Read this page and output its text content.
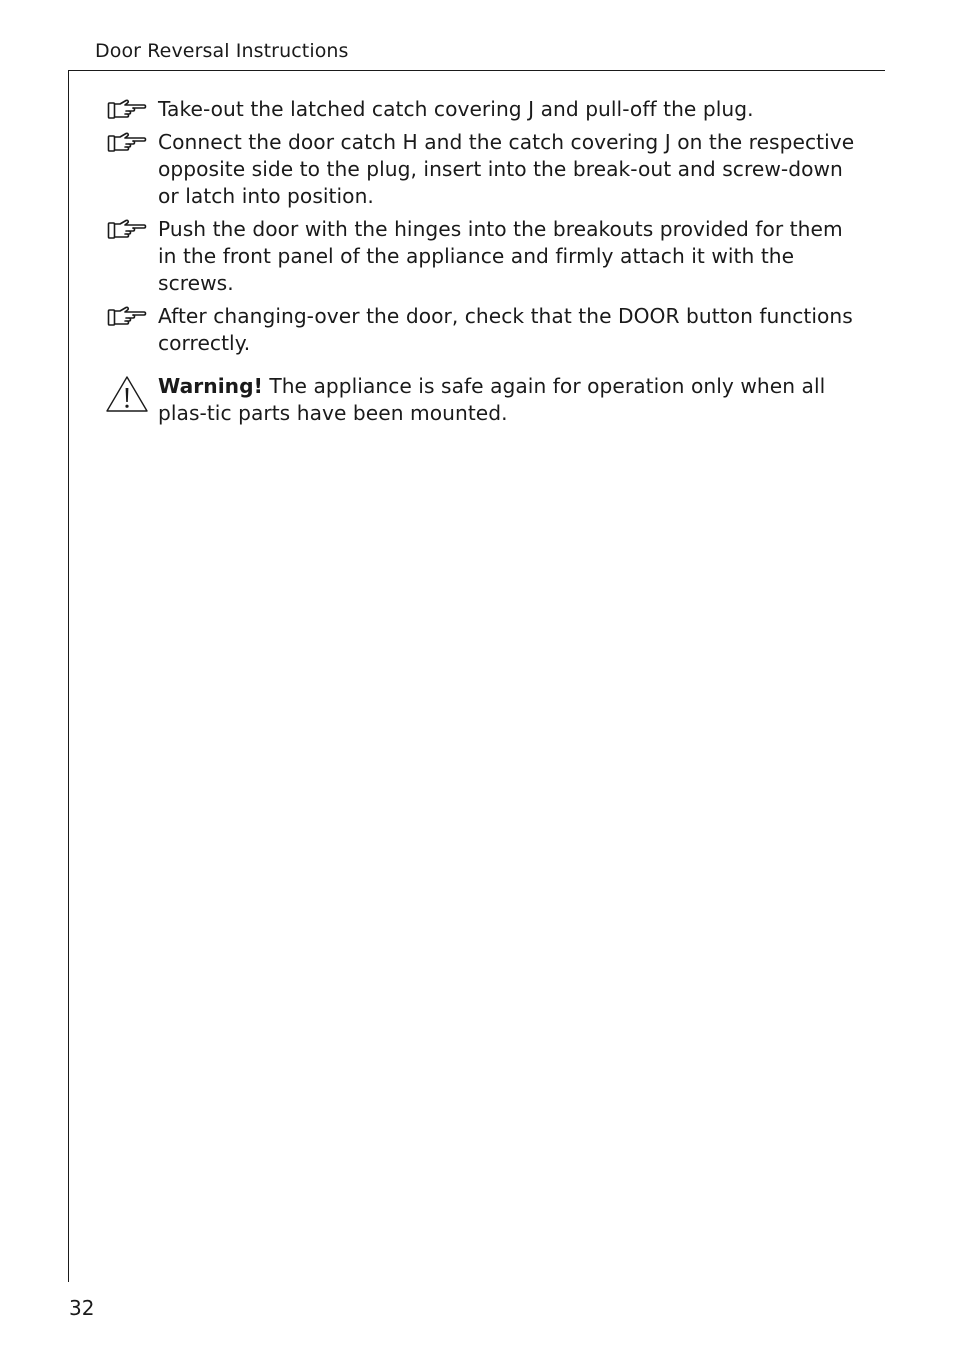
Door Reversal Instructions
Take-out the latched catch covering J and pull-off the plug.
Connect the door catch H and the catch covering J on the respective opposite side to the plug, insert into the break-out and screw-down or latch into position.
Push the door with the hinges into the breakouts provided for them in the front panel of the appliance and firmly attach it with the screws.
After changing-over the door, check that the DOOR button functions correctly.
Warning! The appliance is safe again for operation only when all plas-tic parts have been mounted.
32
